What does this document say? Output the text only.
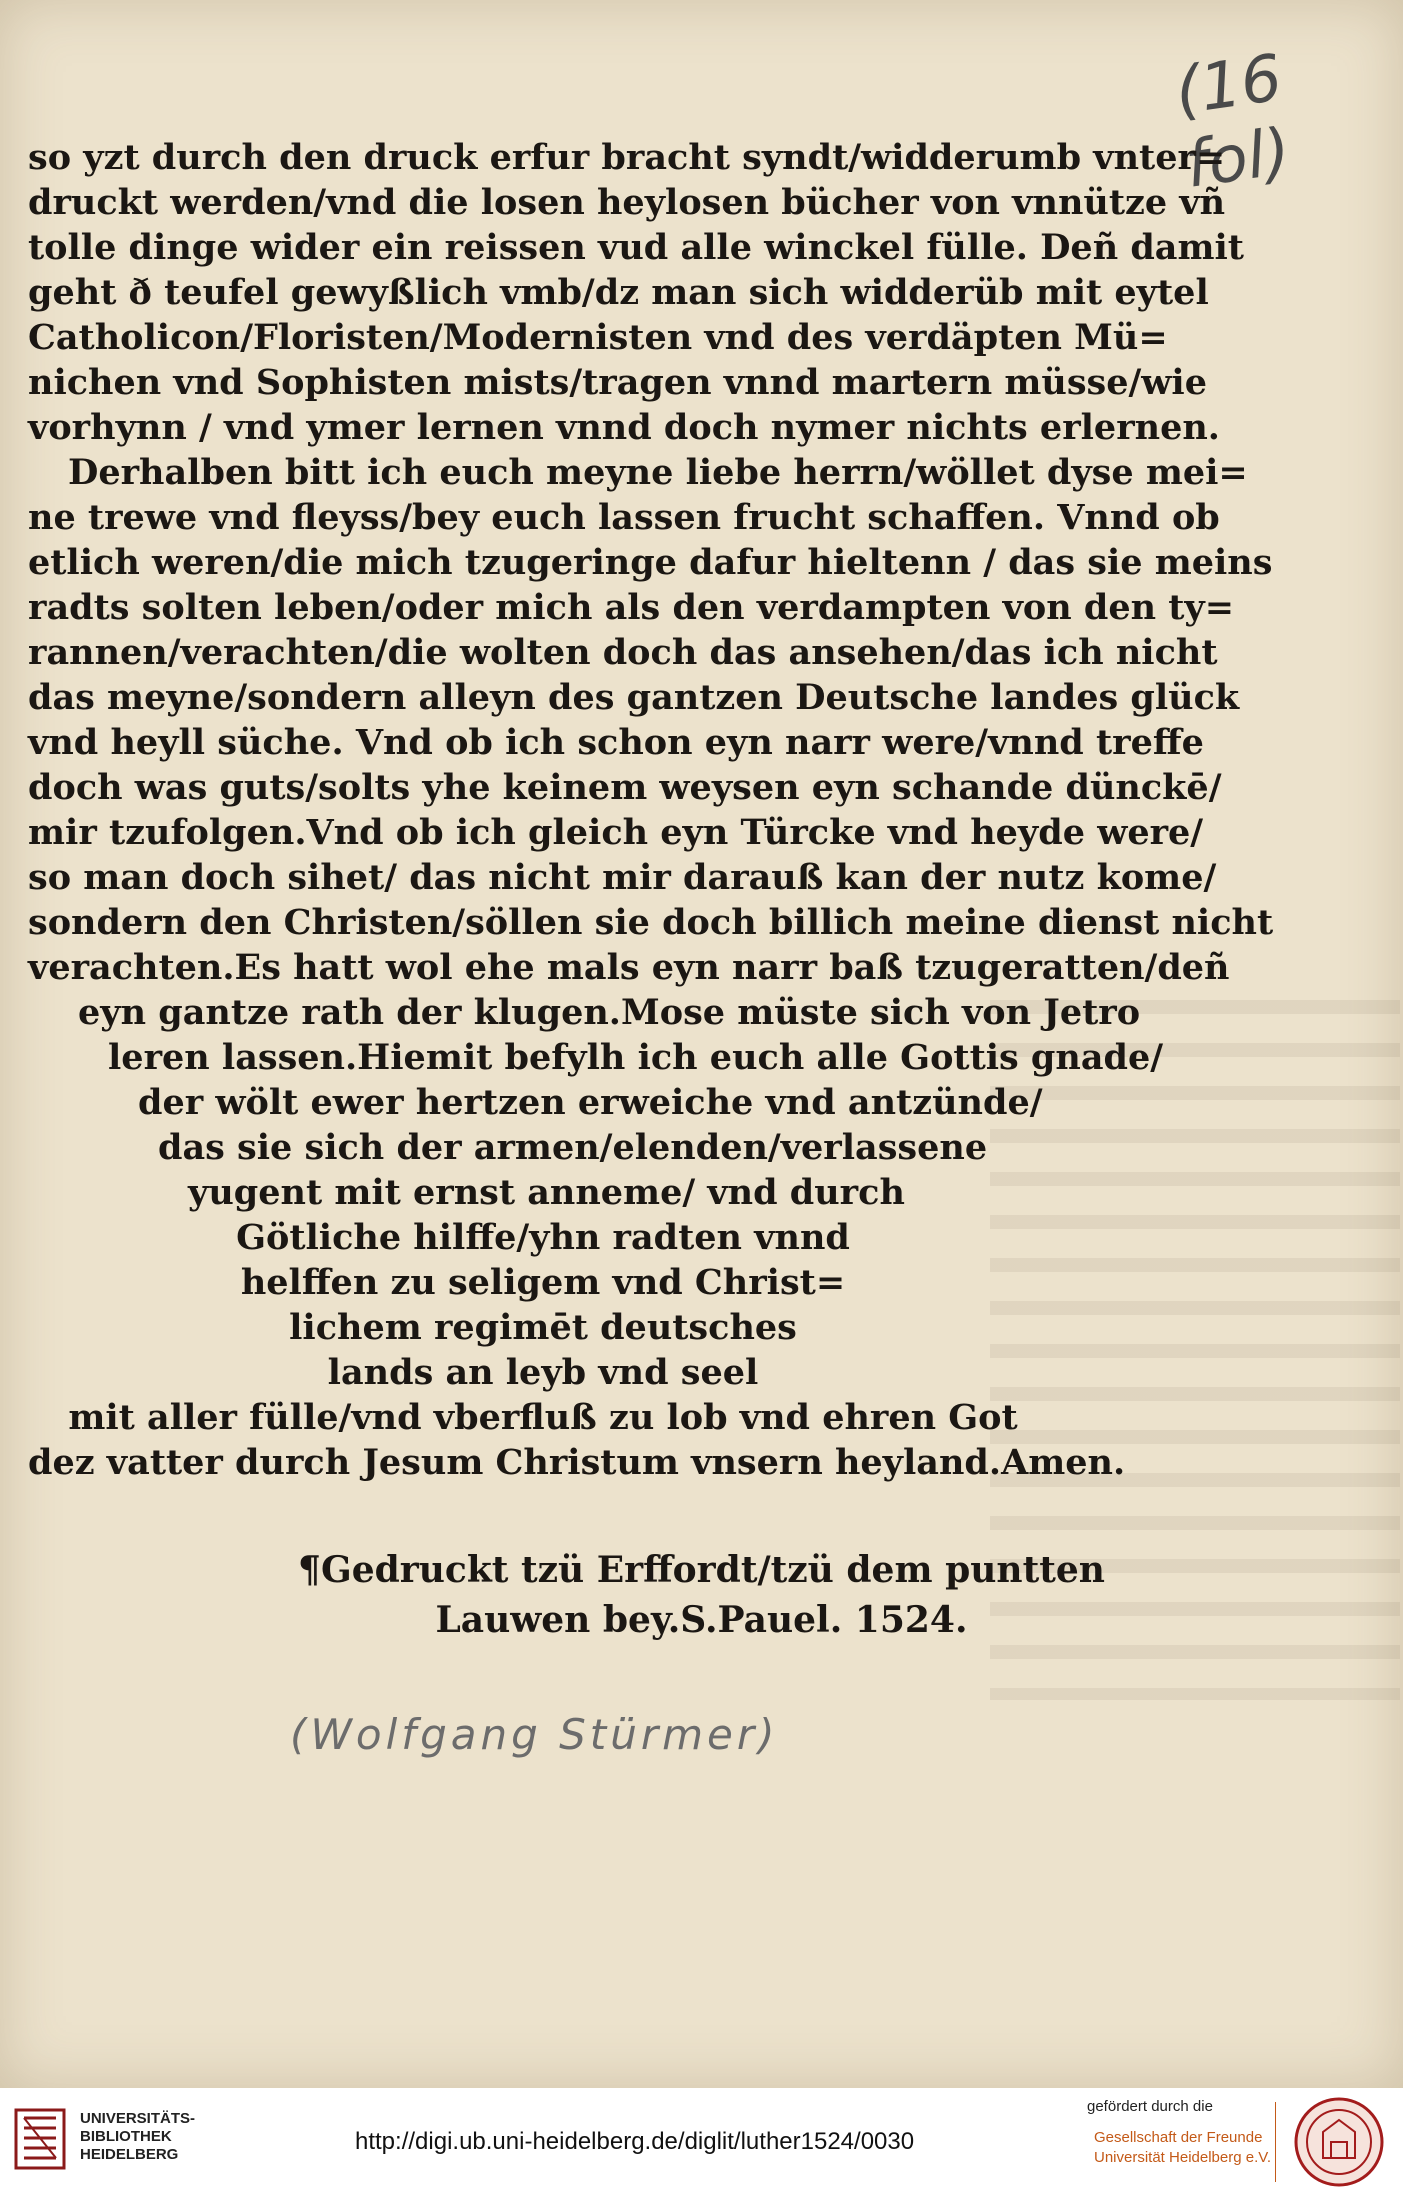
(16 fol)
so yzt durch den druck erfur bracht syndt/widderumb vnter=
druckt werden/vnd die losen heylosen bücher von vnnütze vñ
tolle dinge wider ein reissen vud alle winckel fülle. Deñ damit
geht ð teufel gewyßlich vmb/dz man sich widderüb mit eytel
Catholicon/Floristen/Modernisten vnd des verdäpten Mü=
nichen vnd Sophisten mists/tragen vnnd martern müsse/wie
vorhynn / vnd ymer lernen vnnd doch nymer nichts erlernen.
Derhalben bitt ich euch meyne liebe herrn/wöllet dyse mei=
ne trewe vnd fleyss/bey euch lassen frucht schaffen. Vnnd ob
etlich weren/die mich tzugeringe dafur hieltenn / das sie meins
radts solten leben/oder mich als den verdampten von den ty=
rannen/verachten/die wolten doch das ansehen/das ich nicht
das meyne/sondern alleyn des gantzen Deutsche landes glück
vnd heyll süche. Vnd ob ich schon eyn narr were/vnnd treffe
doch was guts/solts yhe keinem weysen eyn schande dünckē/
mir tzufolgen.Vnd ob ich gleich eyn Türcke vnd heyde were/
so man doch sihet/ das nicht mir darauß kan der nutz kome/
sondern den Christen/söllen sie doch billich meine dienst nicht
verachten.Es hatt wol ehe mals eyn narr baß tzugeratten/deñ
eyn gantze rath der klugen.Mose müste sich von Jetro
leren lassen.Hiemit befylh ich euch alle Gottis gnade/
der wölt ewer hertzen erweiche vnd antzünde/
das sie sich der armen/elenden/verlassene
yugent mit ernst anneme/ vnd durch
Götliche hilffe/yhn radten vnnd
helffen zu seligem vnd Christ=
lichem regimēt deutsches
lands an leyb vnd seel
mit aller fülle/vnd vberfluß zu lob vnd ehren Got
dez vatter durch Jesum Christum vnsern heyland.Amen.
¶Gedruckt tzü Erffordt/tzü dem puntten
Lauwen bey.S.Pauel. 1524.
(Wolfgang Stürmer)
UNIVERSITÄTS-
BIBLIOTHEK
HEIDELBERG	http://digi.ub.uni-heidelberg.de/diglit/luther1524/0030
gefördert durch die
Gesellschaft der Freunde
Universität Heidelberg e.V.
